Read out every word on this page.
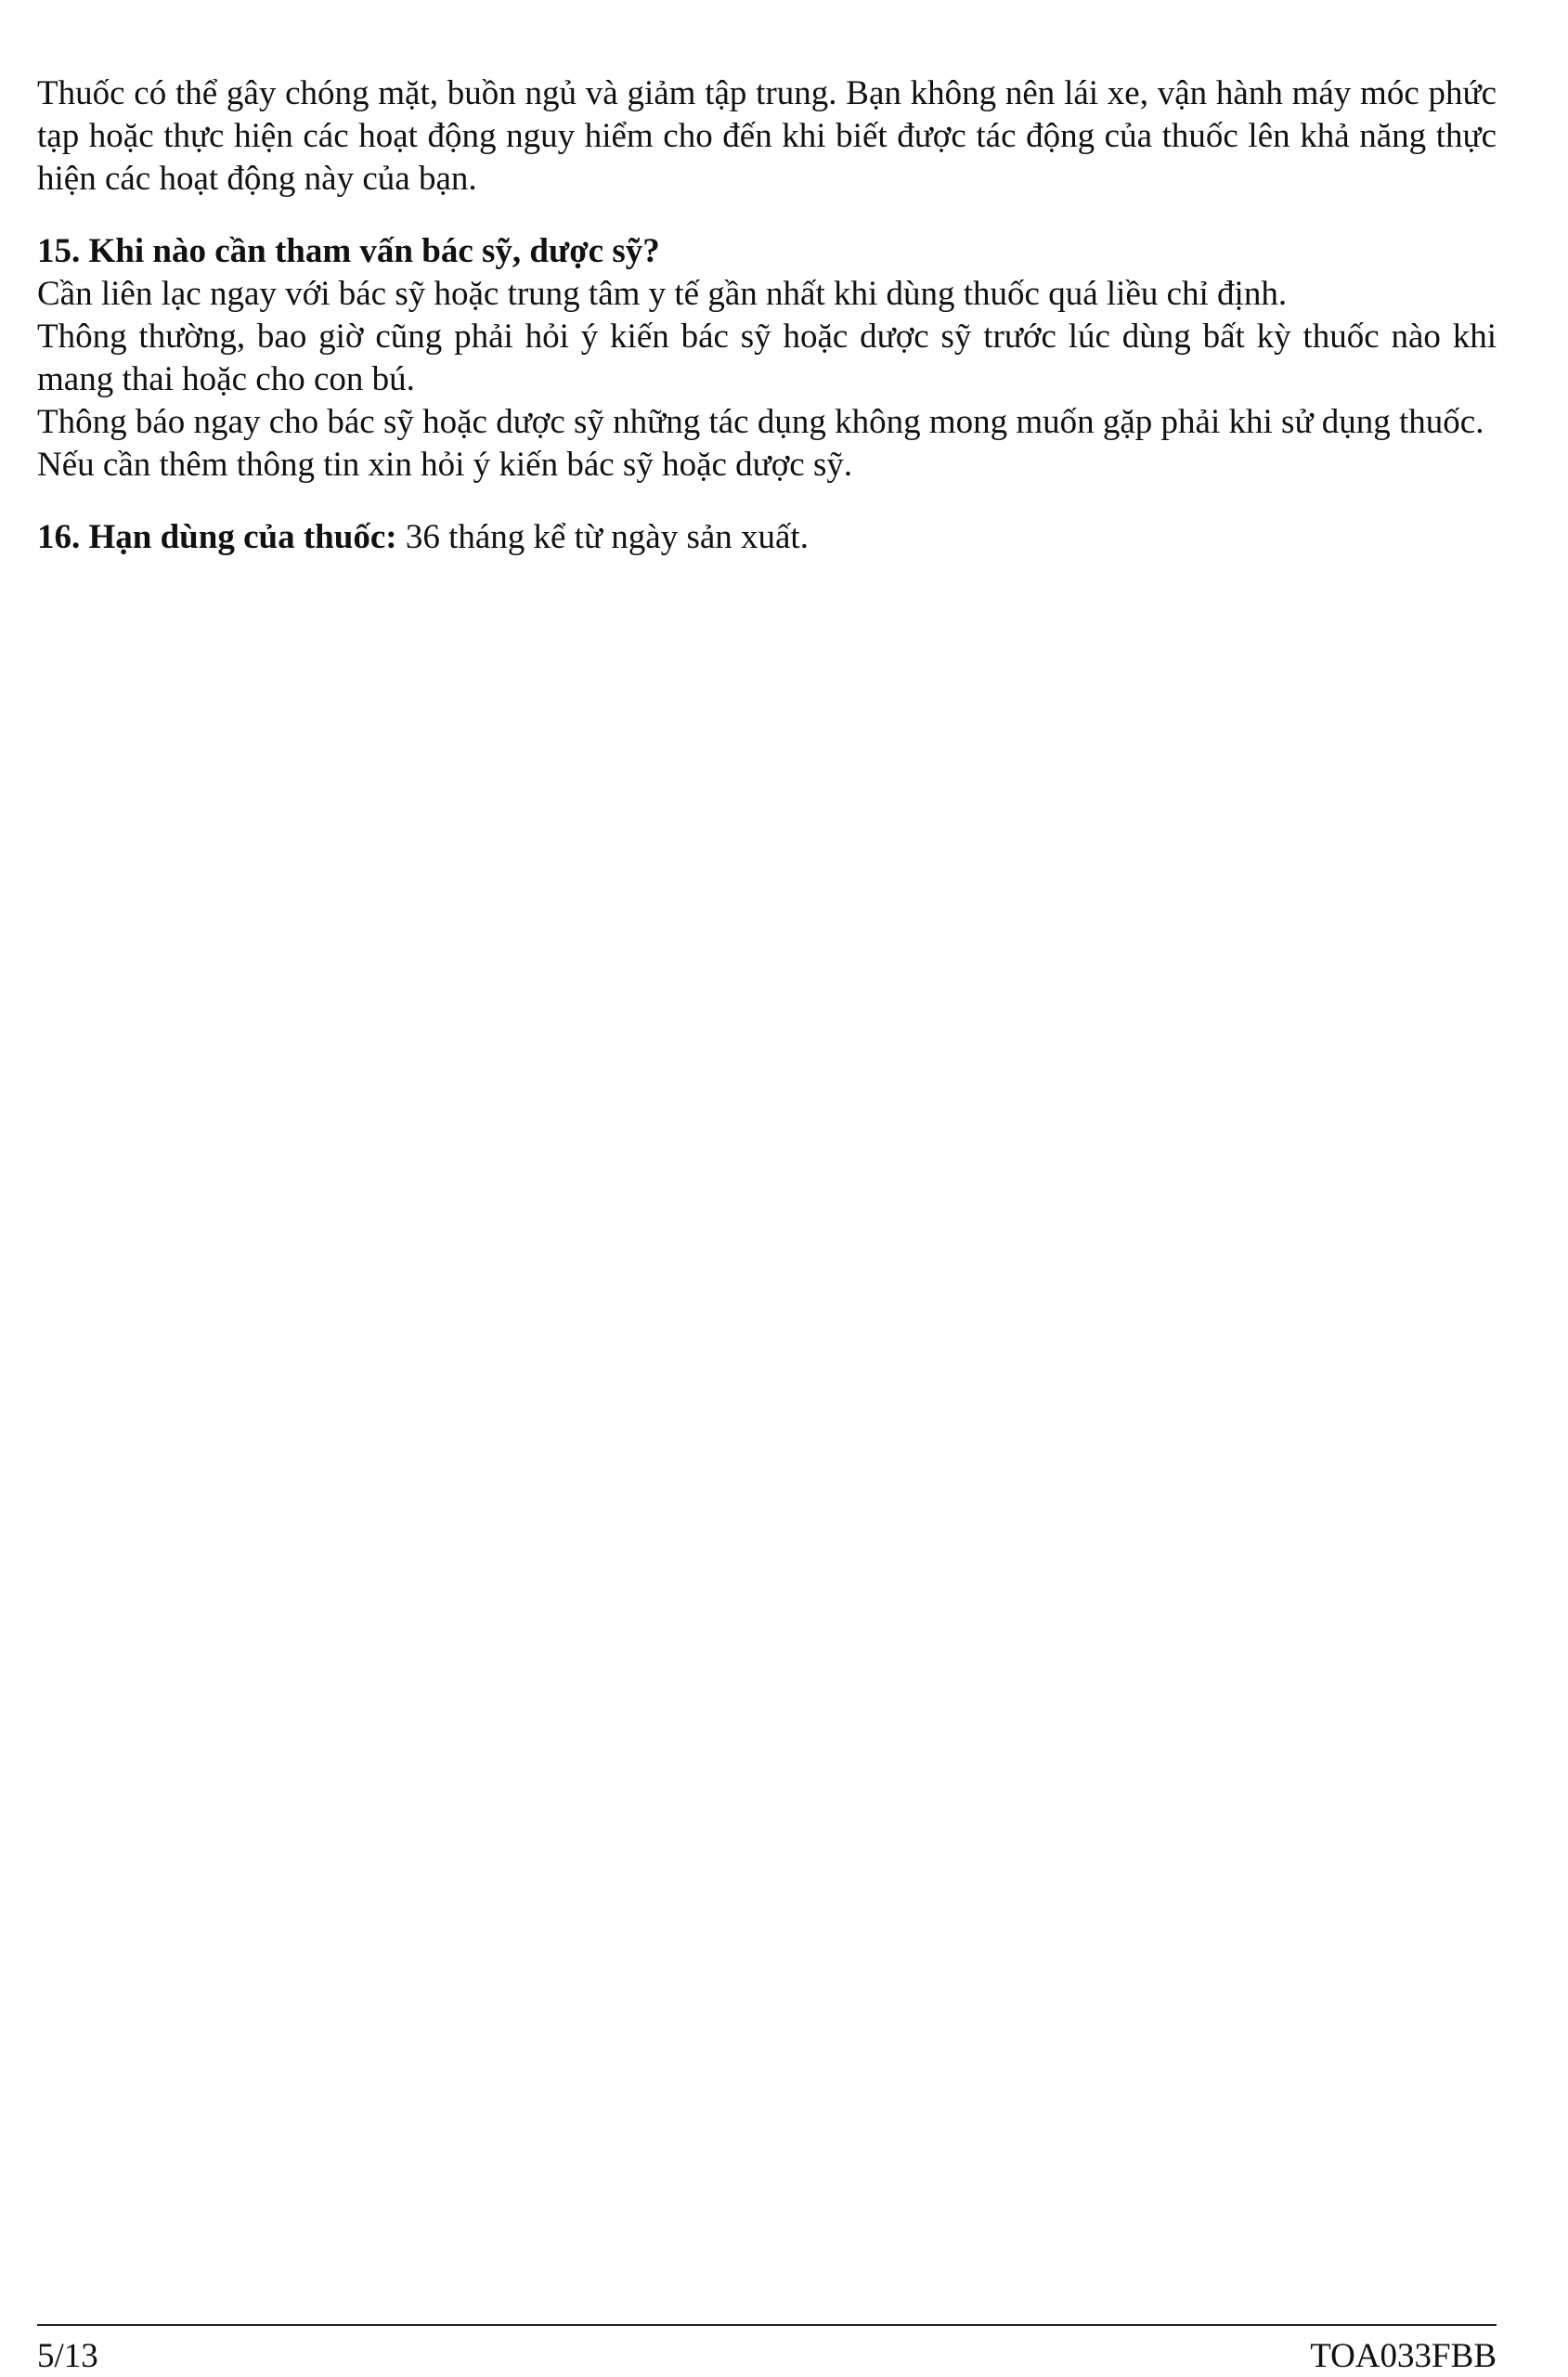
Thuốc có thể gây chóng mặt, buồn ngủ và giảm tập trung. Bạn không nên lái xe, vận hành máy móc phức tạp hoặc thực hiện các hoạt động nguy hiểm cho đến khi biết được tác động của thuốc lên khả năng thực hiện các hoạt động này của bạn.

15. Khi nào cần tham vấn bác sỹ, dược sỹ?

Cần liên lạc ngay với bác sỹ hoặc trung tâm y tế gần nhất khi dùng thuốc quá liều chỉ định.

Thông thường, bao giờ cũng phải hỏi ý kiến bác sỹ hoặc dược sỹ trước lúc dùng bất kỳ thuốc nào khi mang thai hoặc cho con bú.

Thông báo ngay cho bác sỹ hoặc dược sỹ những tác dụng không mong muốn gặp phải khi sử dụng thuốc.

Nếu cần thêm thông tin xin hỏi ý kiến bác sỹ hoặc dược sỹ.

16. Hạn dùng của thuốc: 36 tháng kể từ ngày sản xuất.

5/13	TOA033FBB
